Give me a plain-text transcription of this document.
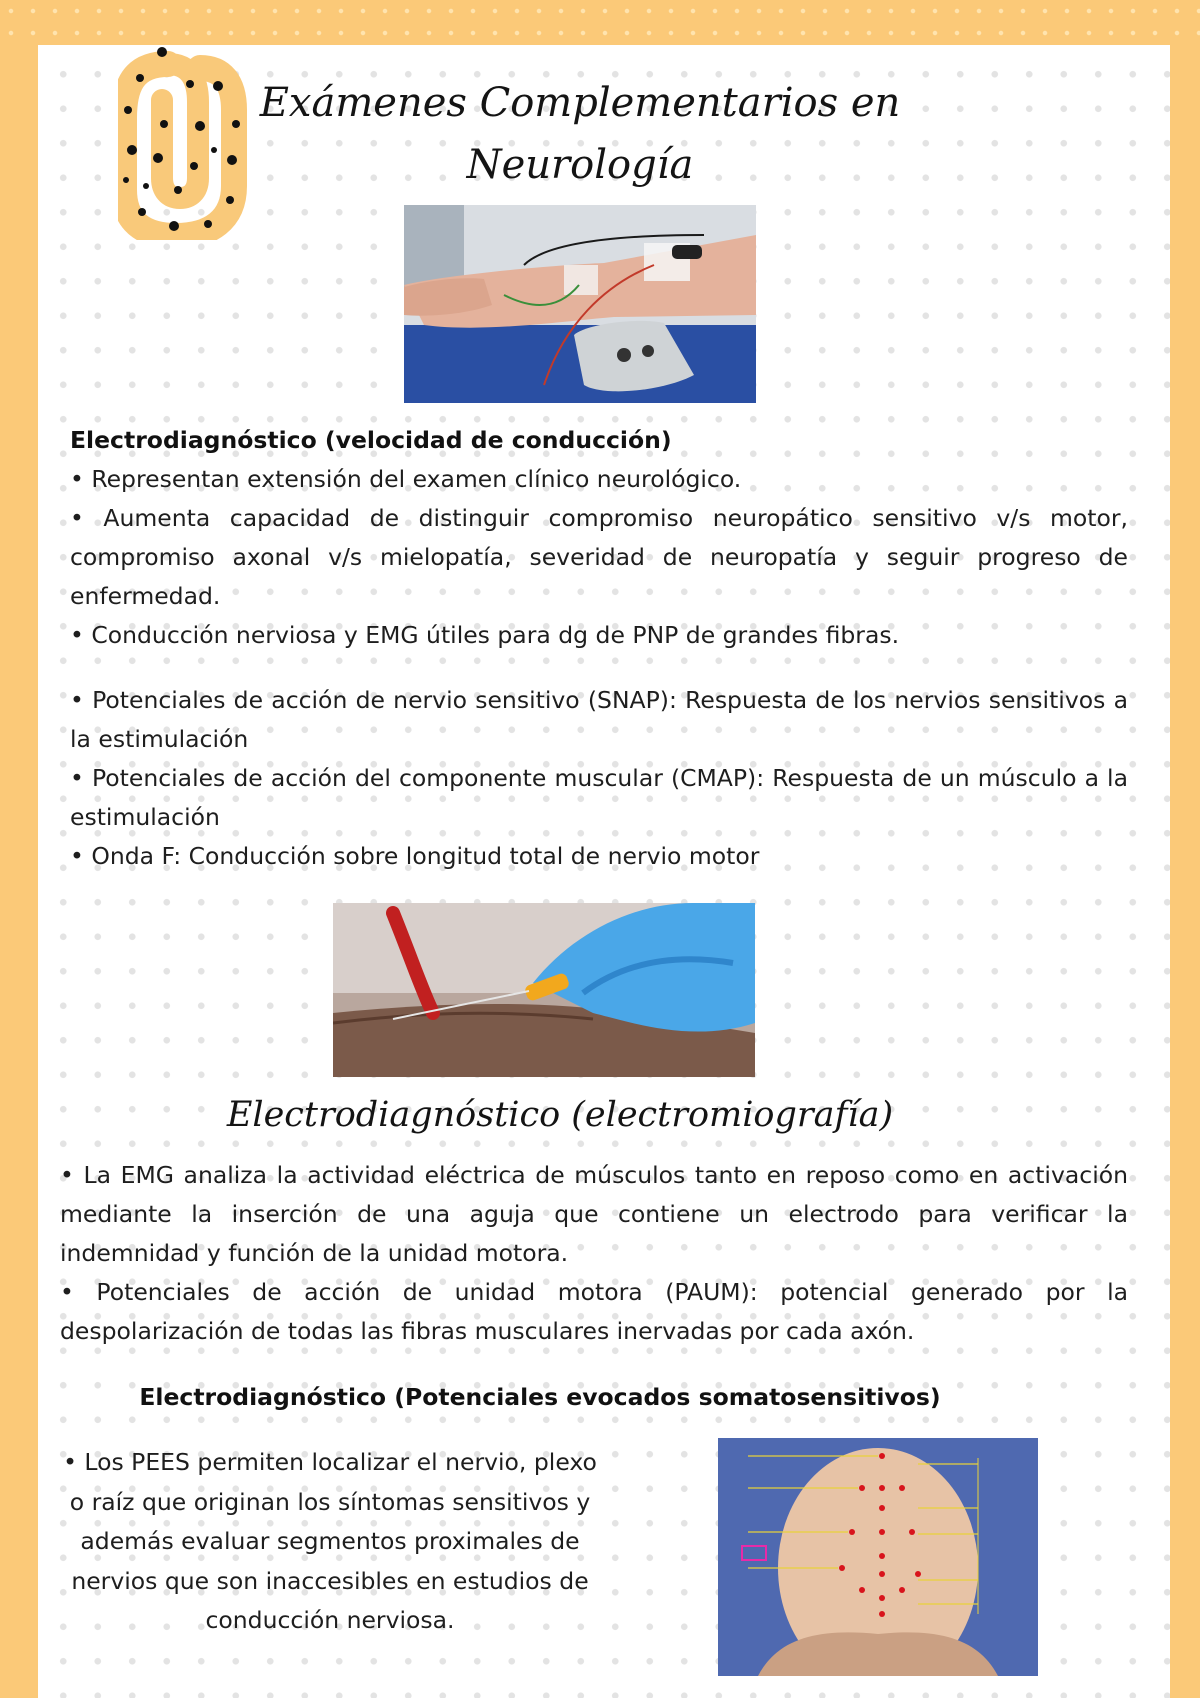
Exámenes Complementarios en
Neurología

Electrodiagnóstico (velocidad de conducción)

• Representan extensión del examen clínico neurológico.

• Aumenta capacidad de distinguir compromiso neuropático sensitivo v/s motor, compromiso axonal v/s mielopatía, severidad de neuropatía y seguir progreso de enfermedad.

• Conducción nerviosa y EMG útiles para dg de PNP de grandes fibras.

• Potenciales de acción de nervio sensitivo (SNAP): Respuesta de los nervios sensitivos a la estimulación

• Potenciales de acción del componente muscular (CMAP): Respuesta de un músculo a la estimulación

• Onda F: Conducción sobre longitud total de nervio motor

Electrodiagnóstico (electromiografía)

• La EMG analiza la actividad eléctrica de músculos tanto en reposo como en activación mediante la inserción de una aguja que contiene un electrodo para verificar la indemnidad y función de la unidad motora.

• Potenciales de acción de unidad motora (PAUM): potencial generado por la despolarización de todas las fibras musculares inervadas por cada axón.

Electrodiagnóstico (Potenciales evocados somatosensitivos)
• Los PEES permiten localizar el nervio, plexo o raíz que originan los síntomas sensitivos y además evaluar segmentos proximales de nervios que son inaccesibles en estudios de conducción nerviosa.
